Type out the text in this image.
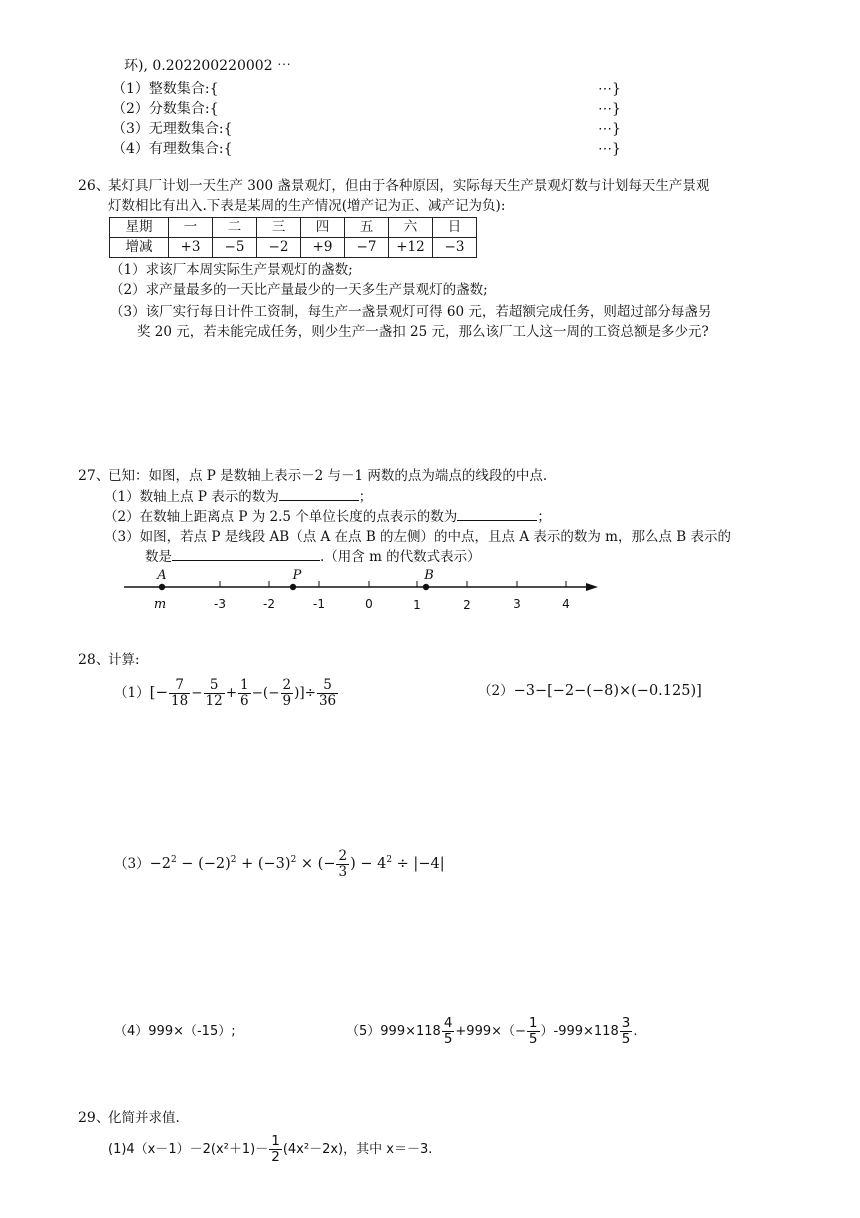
环), 0.202200220002 ⋯
（1）整数集合:{	⋯}
（2）分数集合:{	⋯}
（3）无理数集合:{	⋯}
（4）有理数集合:{	⋯}
26、
某灯具厂计划一天生产 300 盏景观灯，但由于各种原因，实际每天生产景观灯数与计划每天生产景观
灯数相比有出入.下表是某周的生产情况(增产记为正、减产记为负):
星期	一	二	三	四	五	六	日
增减	+3	−5	−2	+9	−7	+12	−3
（1）求该厂本周实际生产景观灯的盏数;
（2）求产量最多的一天比产量最少的一天多生产景观灯的盏数;
（3）该厂实行每日计件工资制，每生产一盏景观灯可得 60 元，若超额完成任务，则超过部分每盏另
奖 20 元，若未能完成任务，则少生产一盏扣 25 元，那么该厂工人这一周的工资总额是多少元?
27、
已知：如图，点 P 是数轴上表示－2 与－1 两数的点为端点的线段的中点.
（1）数轴上点 P 表示的数为	；
（2）在数轴上距离点 P 为 2.5 个单位长度的点表示的数为	；
（3）如图，若点 P 是线段 AB（点 A 在点 B 的左侧）的中点，且点 A 表示的数为 m，那么点 B 表示的
数是	.（用含 m 的代数式表示）
-3	-2	-1	0	1	2	3	4
A
m
P	B
28、
计算:
$(1)[- \frac{7}{18} - \frac{5}{12} + \frac{1}{6}$ −(− $\frac{2}{9}$ )]÷ $\frac{5}{36}$	（2）−3−[−2−(−8)×(−0.125)]
$(3)-2^2 - (-2)^2 + (-3)^2$ × (− $\frac{2}{3}$ ) − $4^2 \div |-4|$
（4）999×（-15）;	$(5)999\times 118 \frac{4}{5} +999\times(- \frac{1}{5} )-999\times 118 \frac{3}{5}$ .
29、
化简并求值.
$(1)4(x-1)-2(x^2+1)- \frac{1}{2} (4x^2-2x)$，其中 x＝－3.
